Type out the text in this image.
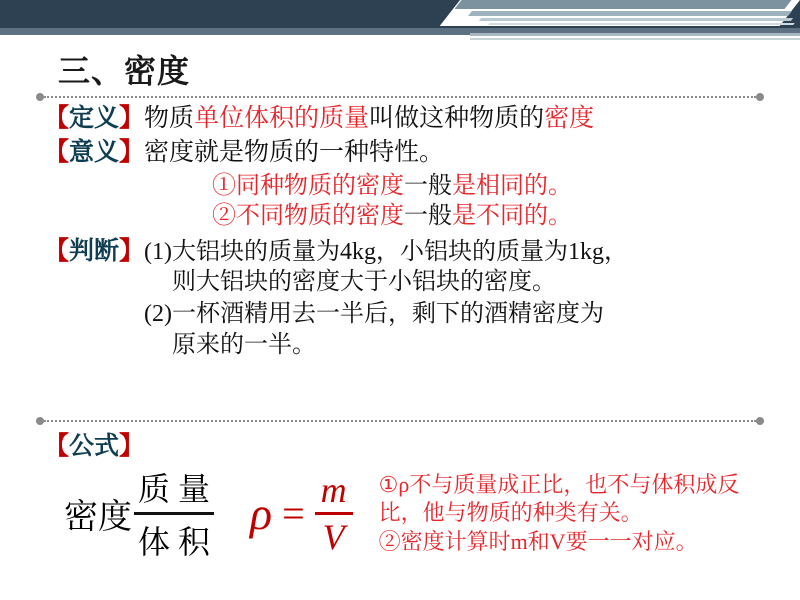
三、密度
【定义】 物质单位体积的质量叫做这种物质的密度
【意义】 密度就是物质的一种特性。
①同种物质的密度一般是相同的。
②不同物质的密度一般是不同的。
【判断】 (1)大铝块的质量为4kg，小铝块的质量为1kg，
则大铝块的密度大于小铝块的密度。
(2)一杯酒精用去一半后，剩下的酒精密度为
原来的一半。
【公式】
密度 $\frac{\text{质 量}}{\text{体 积}}$ $\rho = \frac{m}{V}$ ①ρ不与质量成正比，也不与体积成反比，他与物质的种类有关。
②密度计算时m和V要一一对应。
